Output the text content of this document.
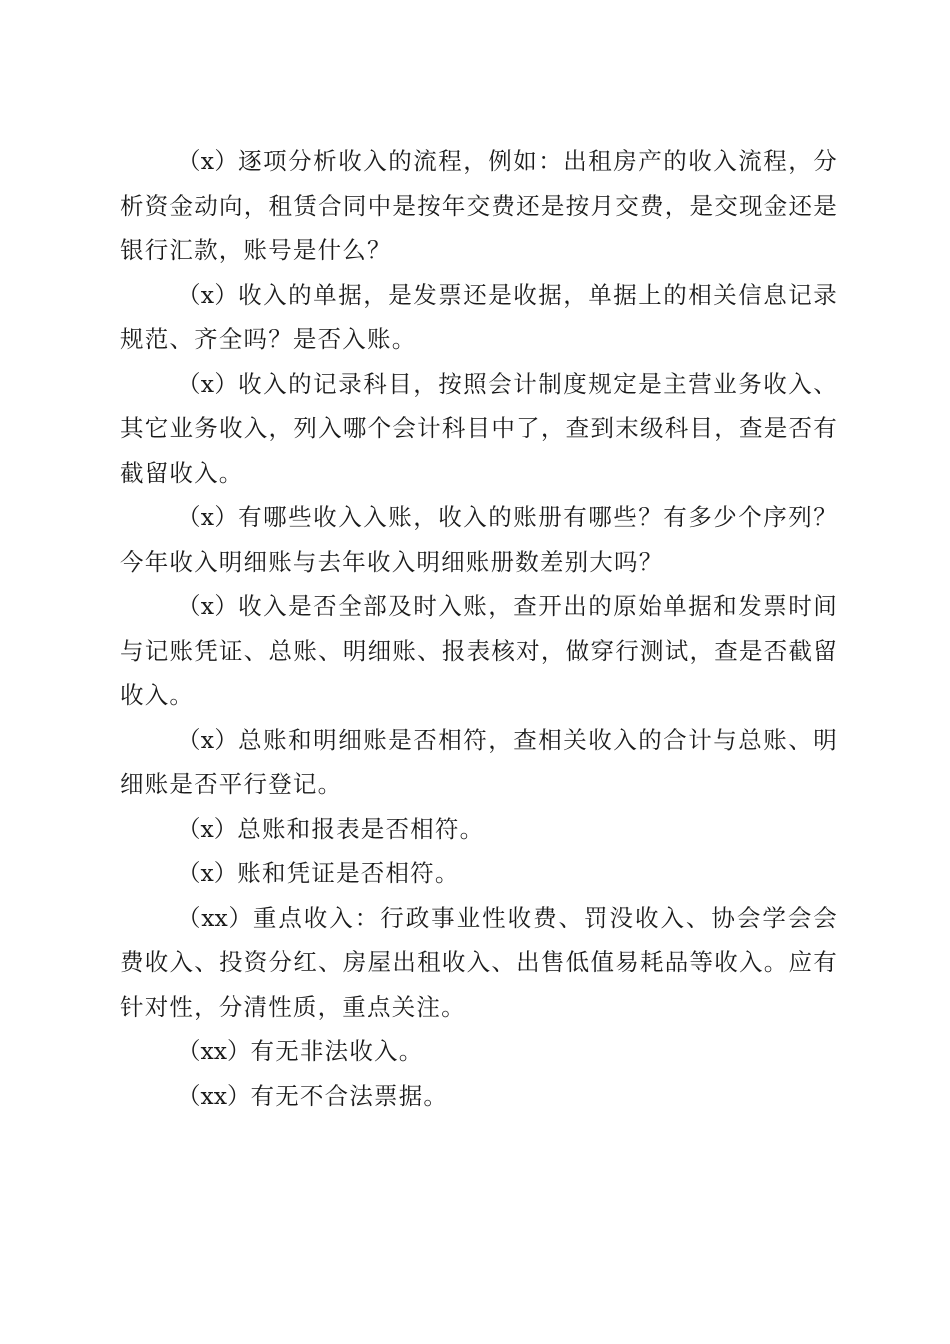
（x）逐项分析收入的流程，例如：出租房产的收入流程，分析资金动向，租赁合同中是按年交费还是按月交费，是交现金还是银行汇款，账号是什么？

（x）收入的单据，是发票还是收据，单据上的相关信息记录规范、齐全吗？是否入账。

（x）收入的记录科目，按照会计制度规定是主营业务收入、其它业务收入，列入哪个会计科目中了，查到末级科目，查是否有截留收入。

（x）有哪些收入入账，收入的账册有哪些？有多少个序列？今年收入明细账与去年收入明细账册数差别大吗？

（x）收入是否全部及时入账，查开出的原始单据和发票时间与记账凭证、总账、明细账、报表核对，做穿行测试，查是否截留收入。

（x）总账和明细账是否相符，查相关收入的合计与总账、明细账是否平行登记。

（x）总账和报表是否相符。

（x）账和凭证是否相符。

（xx）重点收入：行政事业性收费、罚没收入、协会学会会费收入、投资分红、房屋出租收入、出售低值易耗品等收入。应有针对性，分清性质，重点关注。

（xx）有无非法收入。

（xx）有无不合法票据。
